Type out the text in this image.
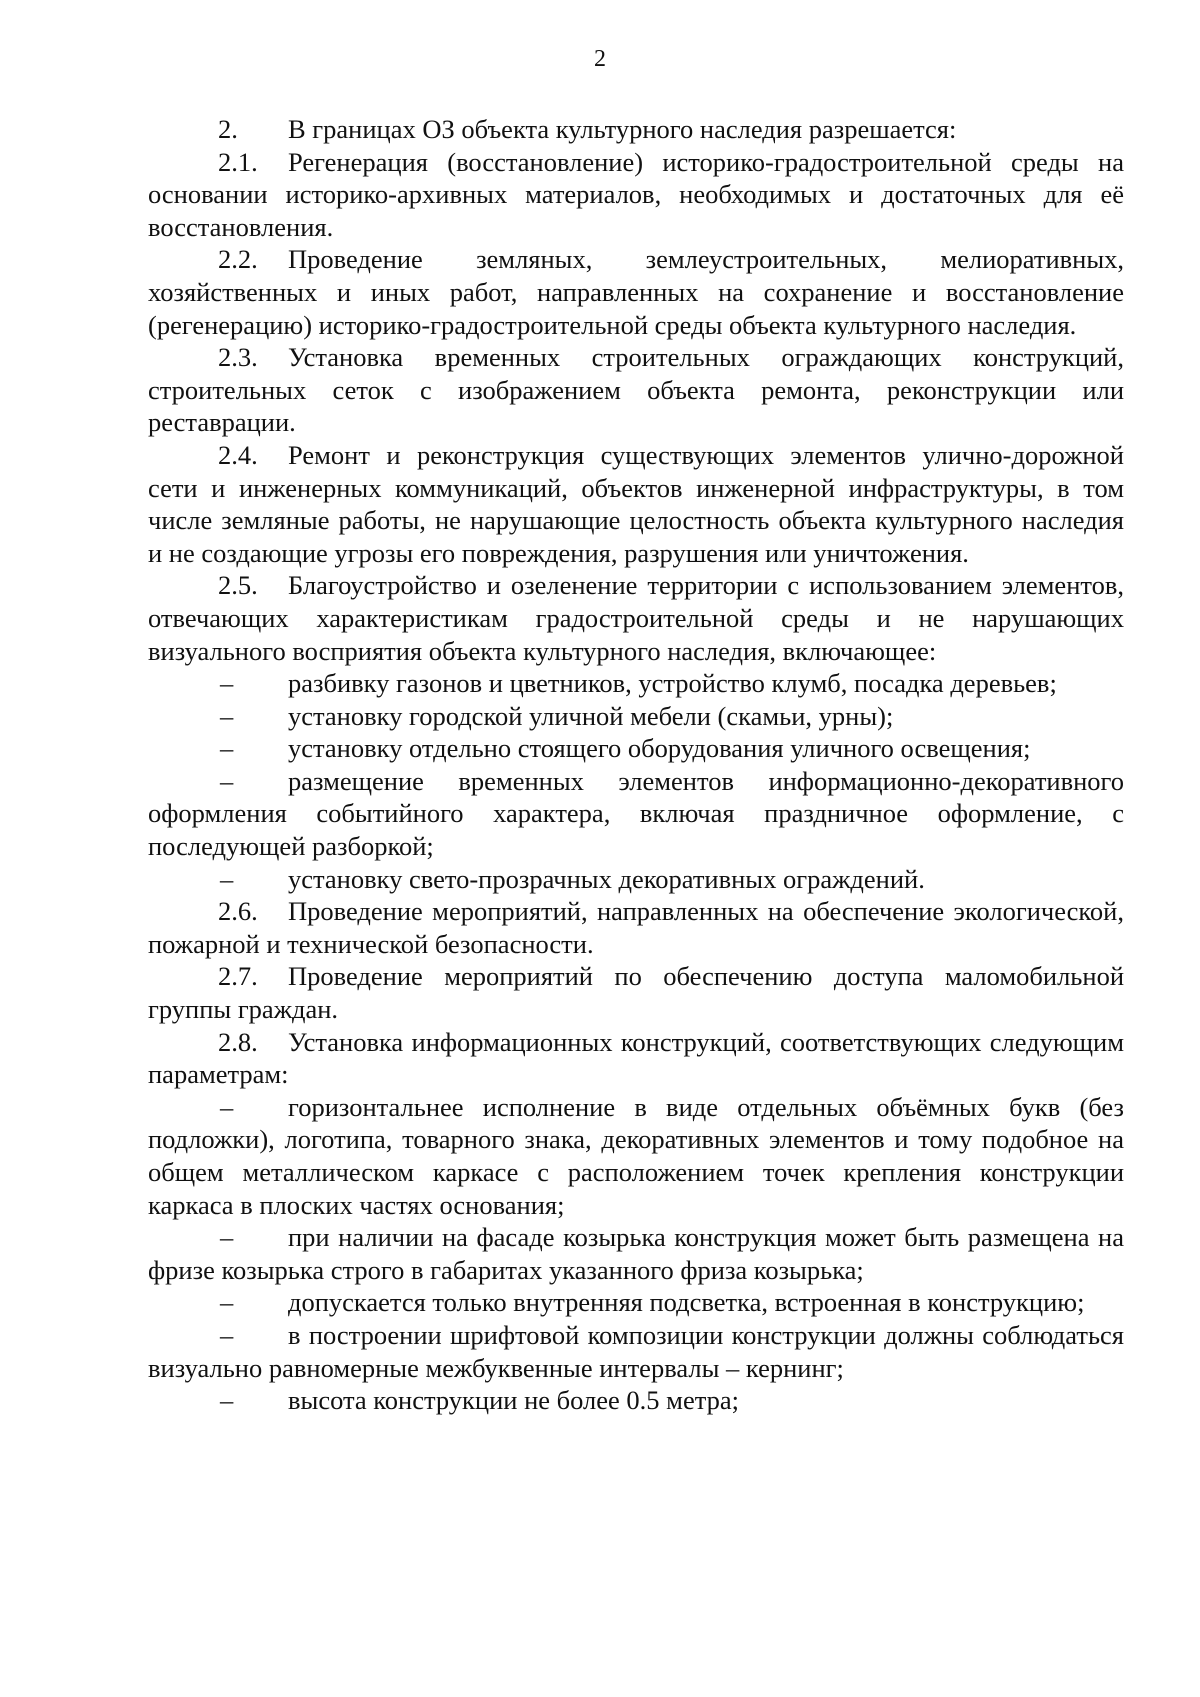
2

2. В границах ОЗ объекта культурного наследия разрешается:

2.1. Регенерация (восстановление) историко-градостроительной среды на основании историко-архивных материалов, необходимых и достаточных для её восстановления.

2.2. Проведение земляных, землеустроительных, мелиоративных, хозяйственных и иных работ, направленных на сохранение и восстановление (регенерацию) историко-градостроительной среды объекта культурного наследия.

2.3. Установка временных строительных ограждающих конструкций, строительных сеток с изображением объекта ремонта, реконструкции или реставрации.

2.4. Ремонт и реконструкция существующих элементов улично-дорожной сети и инженерных коммуникаций, объектов инженерной инфраструктуры, в том числе земляные работы, не нарушающие целостность объекта культурного наследия и не создающие угрозы его повреждения, разрушения или уничтожения.

2.5. Благоустройство и озеленение территории с использованием элементов, отвечающих характеристикам градостроительной среды и не нарушающих визуального восприятия объекта культурного наследия, включающее:

– разбивку газонов и цветников, устройство клумб, посадка деревьев;

– установку городской уличной мебели (скамьи, урны);

– установку отдельно стоящего оборудования уличного освещения;

– размещение временных элементов информационно-декоративного оформления событийного характера, включая праздничное оформление, с последующей разборкой;

– установку свето-прозрачных декоративных ограждений.

2.6. Проведение мероприятий, направленных на обеспечение экологической, пожарной и технической безопасности.

2.7. Проведение мероприятий по обеспечению доступа маломобильной группы граждан.

2.8. Установка информационных конструкций, соответствующих следующим параметрам:

– горизонтальнее исполнение в виде отдельных объёмных букв (без подложки), логотипа, товарного знака, декоративных элементов и тому подобное на общем металлическом каркасе с расположением точек крепления конструкции каркаса в плоских частях основания;

– при наличии на фасаде козырька конструкция может быть размещена на фризе козырька строго в габаритах указанного фриза козырька;

– допускается только внутренняя подсветка, встроенная в конструкцию;

– в построении шрифтовой композиции конструкции должны соблюдаться визуально равномерные межбуквенные интервалы – кернинг;

– высота конструкции не более 0.5 метра;
